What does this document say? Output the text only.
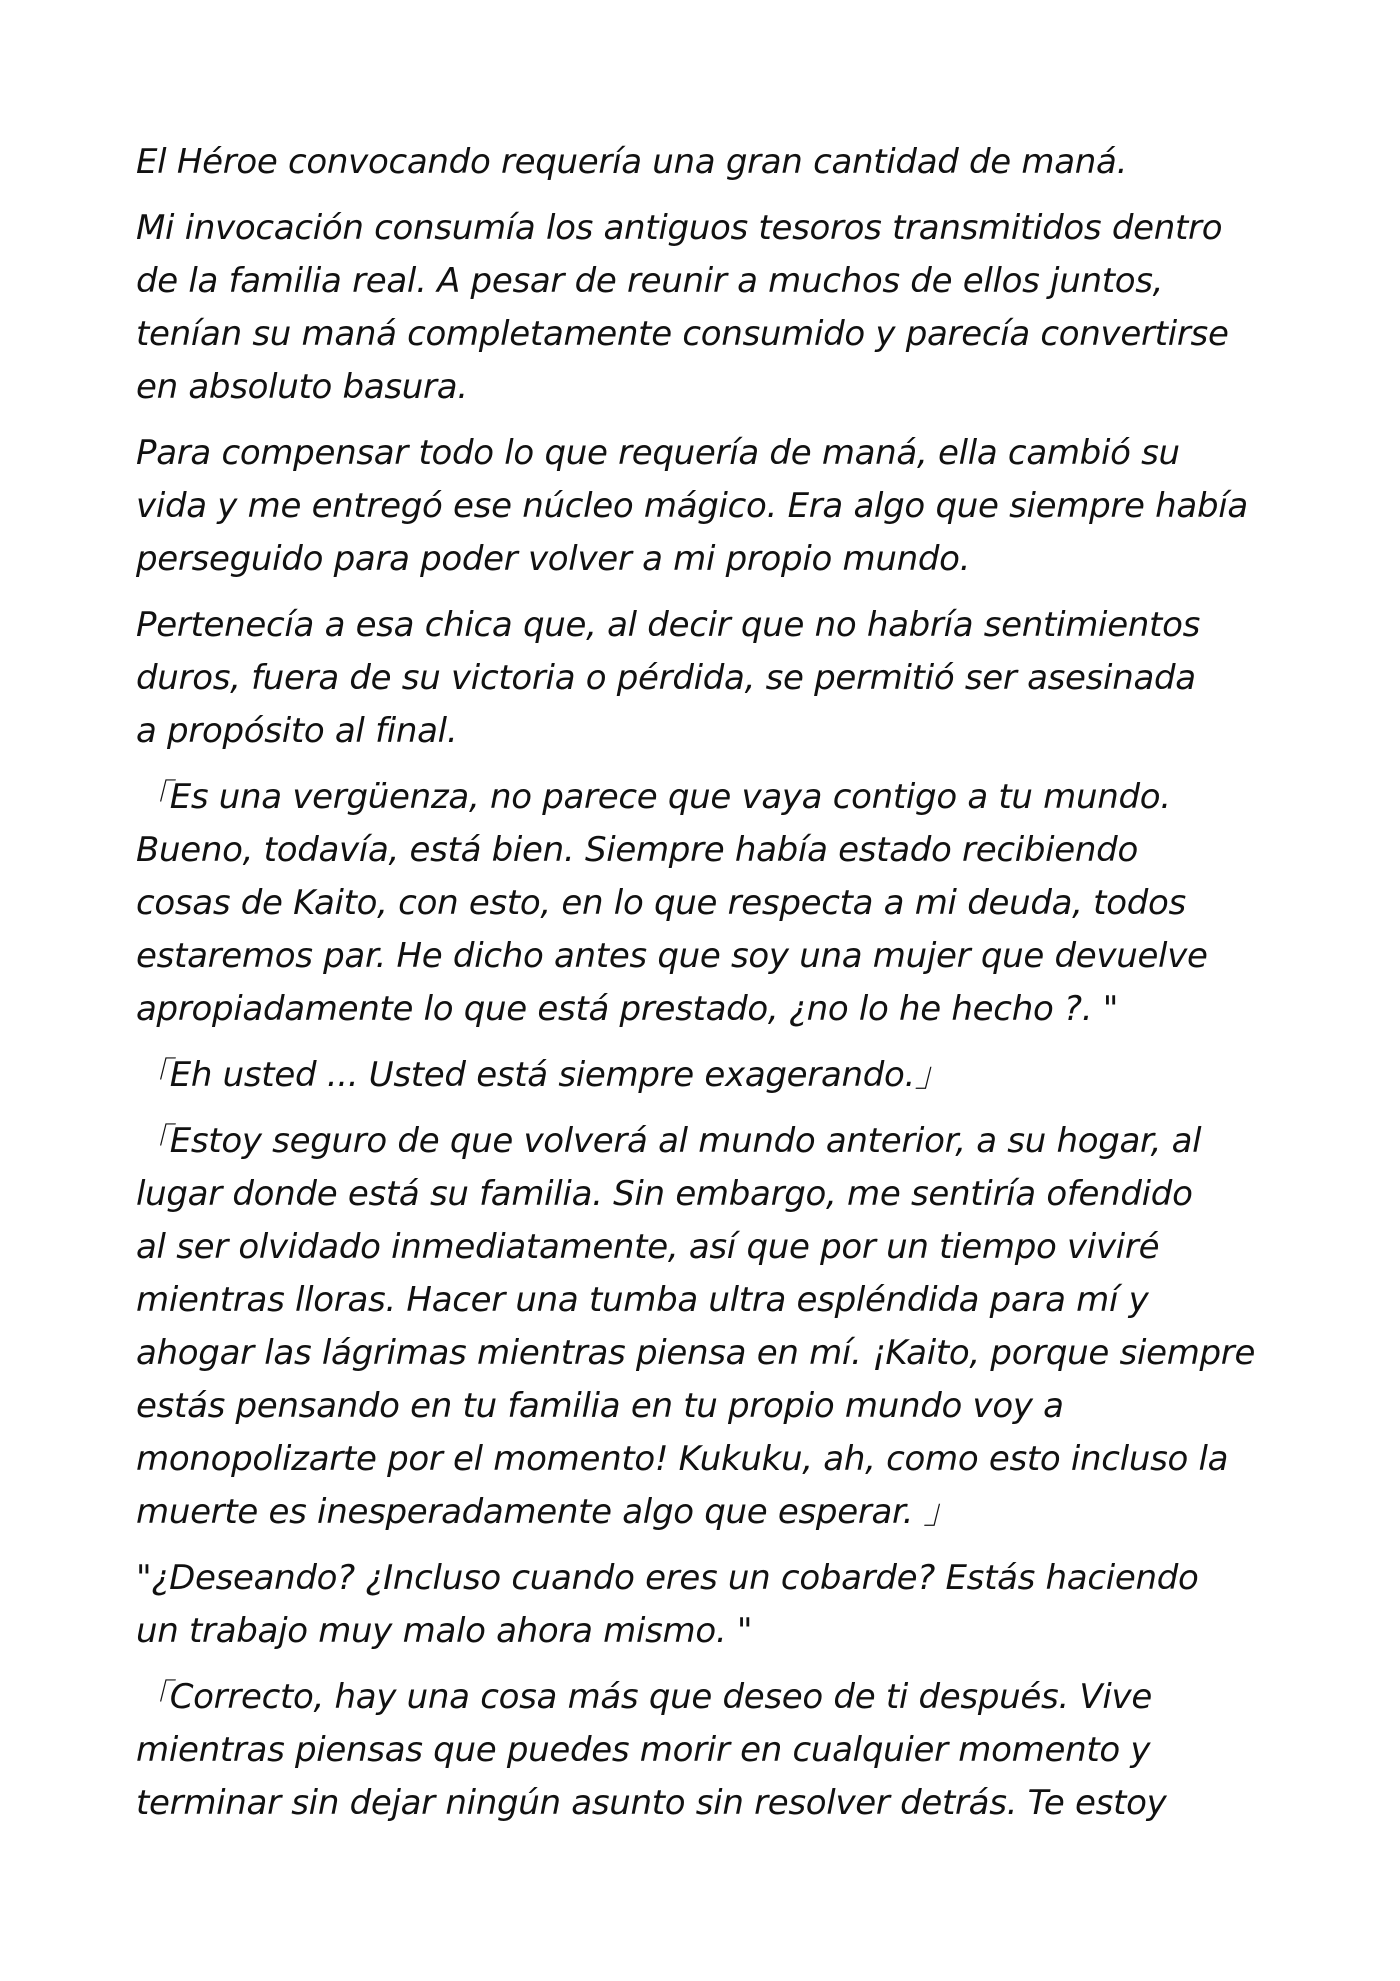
El Héroe convocando requería una gran cantidad de maná.

Mi invocación consumía los antiguos tesoros transmitidos dentro
de la familia real. A pesar de reunir a muchos de ellos juntos,
tenían su maná completamente consumido y parecía convertirse
en absoluto basura.

Para compensar todo lo que requería de maná, ella cambió su
vida y me entregó ese núcleo mágico. Era algo que siempre había
perseguido para poder volver a mi propio mundo.

Pertenecía a esa chica que, al decir que no habría sentimientos
duros, fuera de su victoria o pérdida, se permitió ser asesinada
a propósito al final.

「Es una vergüenza, no parece que vaya contigo a tu mundo.
Bueno, todavía, está bien. Siempre había estado recibiendo
cosas de Kaito, con esto, en lo que respecta a mi deuda, todos
estaremos par. He dicho antes que soy una mujer que devuelve
apropiadamente lo que está prestado, ¿no lo he hecho ?. "

「Eh usted ... Usted está siempre exagerando.」

「Estoy seguro de que volverá al mundo anterior, a su hogar, al
lugar donde está su familia. Sin embargo, me sentiría ofendido
al ser olvidado inmediatamente, así que por un tiempo viviré
mientras lloras. Hacer una tumba ultra espléndida para mí y
ahogar las lágrimas mientras piensa en mí. ¡Kaito, porque siempre
estás pensando en tu familia en tu propio mundo voy a
monopolizarte por el momento! Kukuku, ah, como esto incluso la
muerte es inesperadamente algo que esperar. 」

"¿Deseando? ¿Incluso cuando eres un cobarde? Estás haciendo
un trabajo muy malo ahora mismo. "

「Correcto, hay una cosa más que deseo de ti después. Vive
mientras piensas que puedes morir en cualquier momento y
terminar sin dejar ningún asunto sin resolver detrás. Te estoy
